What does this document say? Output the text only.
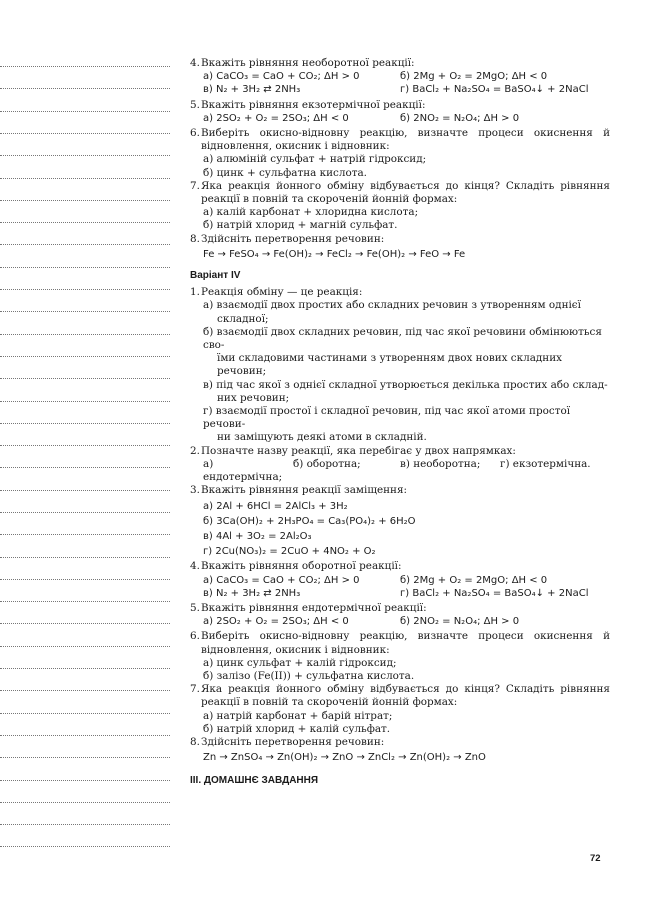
4. Вкажіть рівняння необоротної реакції:
а) CaCO₃ = CaO + CO₂; ΔH > 0	б) 2Mg + O₂ = 2MgO; ΔH < 0
в) N₂ + 3H₂ ⇄ 2NH₃	г) BaCl₂ + Na₂SO₄ = BaSO₄↓ + 2NaCl
5. Вкажіть рівняння екзотермічної реакції:
а) 2SO₂ + O₂ = 2SO₃; ΔH < 0	б) 2NO₂ = N₂O₄; ΔH > 0
6. Виберіть окисно-відновну реакцію, визначте процеси окиснення й відновлення, окисник і відновник:
а) алюміній сульфат + натрій гідроксид;
б) цинк + сульфатна кислота.
7. Яка реакція йонного обміну відбувається до кінця? Складіть рівняння реакції в повній та скороченій йонній формах:
а) калій карбонат + хлоридна кислота;
б) натрій хлорид + магній сульфат.
8. Здійсніть перетворення речовин:
Fe → FeSO₄ → Fe(OH)₂ → FeCl₂ → Fe(OH)₂ → FeO → Fe
Варіант IV
1. Реакція обміну — це реакція:
а) взаємодії двох простих або складних речовин з утворенням однієї
складної;
б) взаємодії двох складних речовин, під час якої речовини обмінюються сво-
їми складовими частинами з утворенням двох нових складних речовин;
в) під час якої з однієї складної утворюється декілька простих або склад-
них речовин;
г) взаємодії простої і складної речовин, під час якої атоми простої речови-
ни заміщують деякі атоми в складній.
2. Позначте назву реакції, яка перебігає у двох напрямках:
а) ендотермічна;
б) оборотна;	в) необоротна;	г) екзотермічна.
3. Вкажіть рівняння реакції заміщення:
а) 2Al + 6HCl = 2AlCl₃ + 3H₂
б) 3Ca(OH)₂ + 2H₃PO₄ = Ca₃(PO₄)₂ + 6H₂O
в) 4Al + 3O₂ = 2Al₂O₃
г) 2Cu(NO₃)₂ = 2CuO + 4NO₂ + O₂
4. Вкажіть рівняння оборотної реакції:
а) CaCO₃ = CaO + CO₂; ΔH > 0	б) 2Mg + O₂ = 2MgO; ΔH < 0
в) N₂ + 3H₂ ⇄ 2NH₃	г) BaCl₂ + Na₂SO₄ = BaSO₄↓ + 2NaCl
5. Вкажіть рівняння ендотермічної реакції:
а) 2SO₂ + O₂ = 2SO₃; ΔH < 0	б) 2NO₂ = N₂O₄; ΔH > 0
6. Виберіть окисно-відновну реакцію, визначте процеси окиснення й відновлення, окисник і відновник:
а) цинк сульфат + калій гідроксид;
б) залізо (Fe(II)) + сульфатна кислота.
7. Яка реакція йонного обміну відбувається до кінця? Складіть рівняння реакції в повній та скороченій йонній формах:
а) натрій карбонат + барій нітрат;
б) натрій хлорид + калій сульфат.
8. Здійсніть перетворення речовин:
Zn → ZnSO₄ → Zn(OH)₂ → ZnO → ZnCl₂ → Zn(OH)₂ → ZnO
ІІІ. ДОМАШНЄ ЗАВДАННЯ
72
